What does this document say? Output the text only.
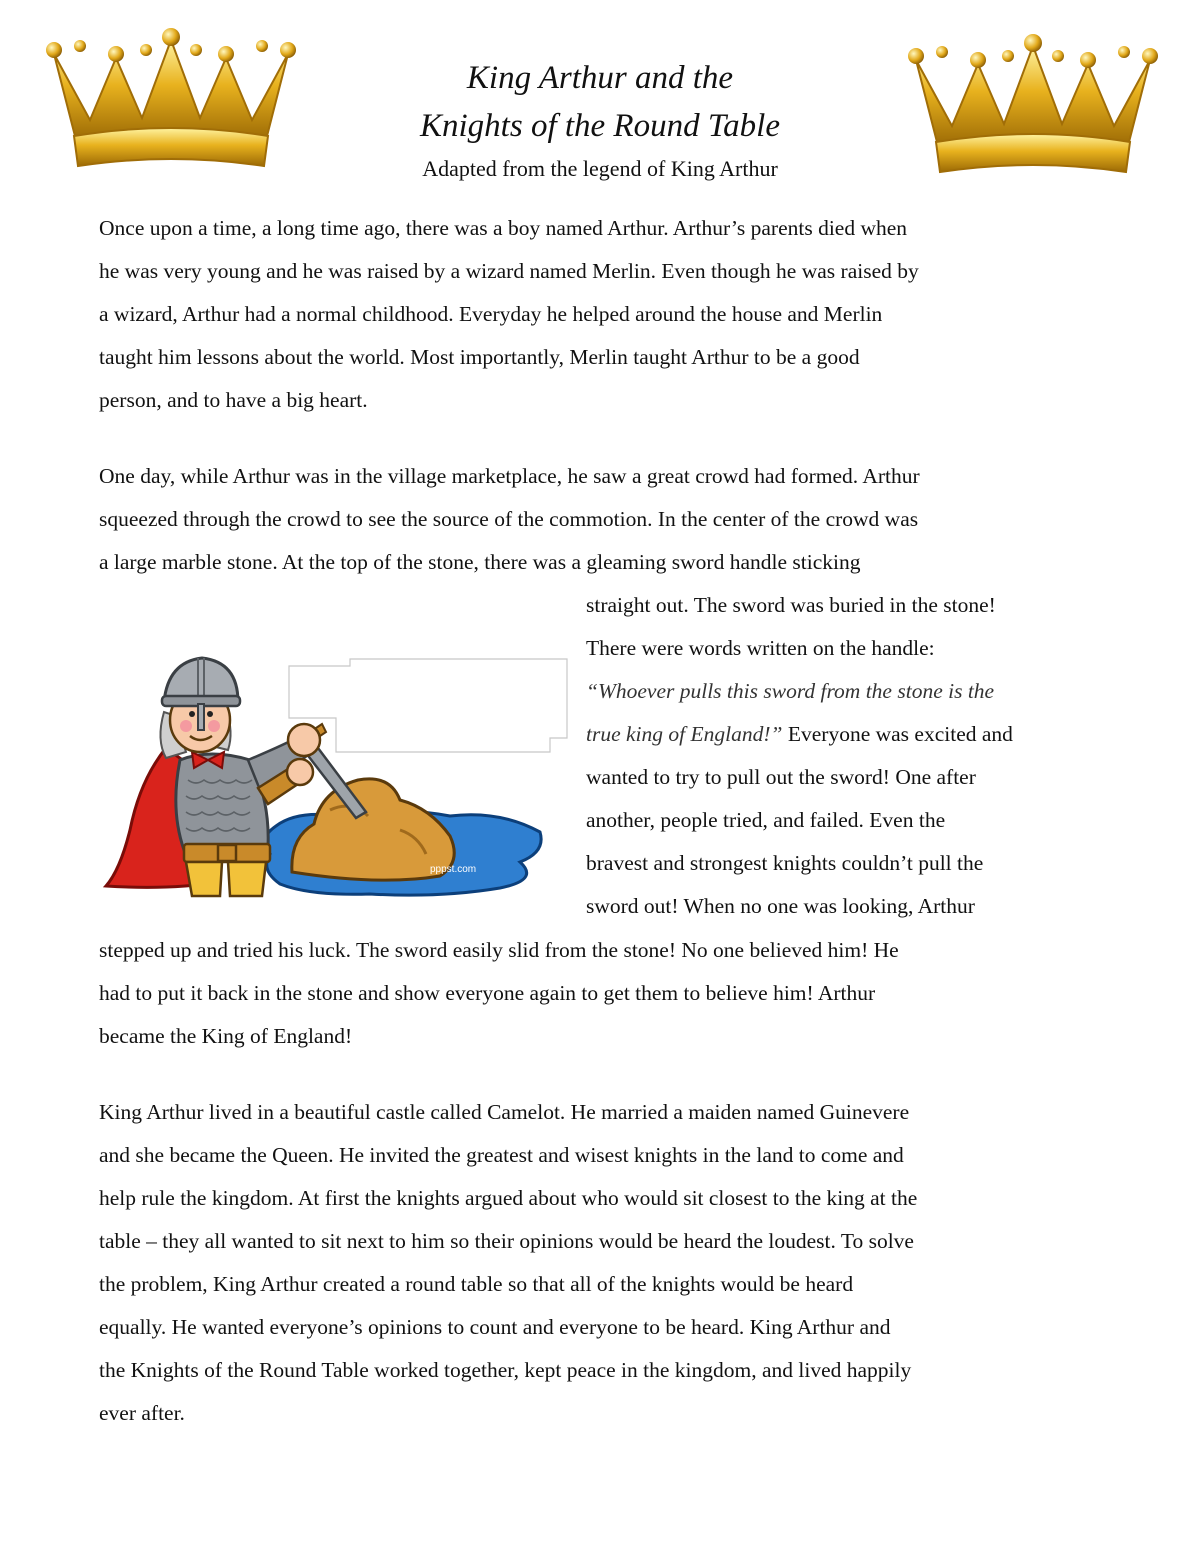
King Arthur and the
Knights of the Round Table
Adapted from the legend of King Arthur
Once upon a time, a long time ago, there was a boy named Arthur. Arthur’s parents died when
he was very young and he was raised by a wizard named Merlin. Even though he was raised by
a wizard, Arthur had a normal childhood. Everyday he helped around the house and Merlin
taught him lessons about the world. Most importantly, Merlin taught Arthur to be a good
person, and to have a big heart.
One day, while Arthur was in the village marketplace, he saw a great crowd had formed. Arthur
squeezed through the crowd to see the source of the commotion. In the center of the crowd was
a large marble stone. At the top of the stone, there was a gleaming sword handle sticking
straight out. The sword was buried in the stone!
There were words written on the handle:
“Whoever pulls this sword from the stone is the
true king of England!” Everyone was excited and
wanted to try to pull out the sword! One after
another, people tried, and failed. Even the
bravest and strongest knights couldn’t pull the
sword out! When no one was looking, Arthur
stepped up and tried his luck. The sword easily slid from the stone! No one believed him! He
had to put it back in the stone and show everyone again to get them to believe him! Arthur
became the King of England!
King Arthur lived in a beautiful castle called Camelot. He married a maiden named Guinevere
and she became the Queen. He invited the greatest and wisest knights in the land to come and
help rule the kingdom. At first the knights argued about who would sit closest to the king at the
table – they all wanted to sit next to him so their opinions would be heard the loudest. To solve
the problem, King Arthur created a round table so that all of the knights would be heard
equally. He wanted everyone’s opinions to count and everyone to be heard. King Arthur and
the Knights of the Round Table worked together, kept peace in the kingdom, and lived happily
ever after.
pppst.com
